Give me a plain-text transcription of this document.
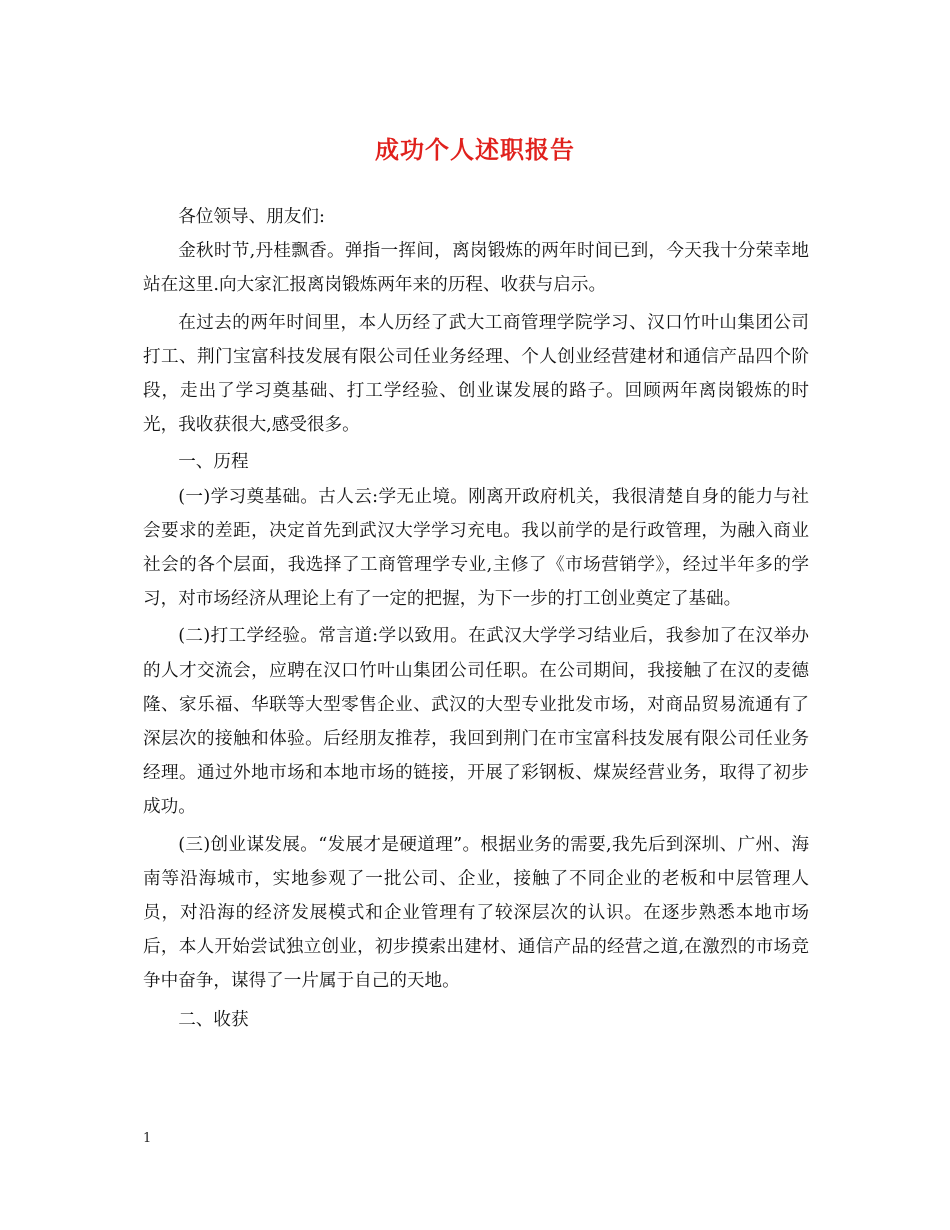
成功个人述职报告

各位领导、朋友们:

金秋时节,丹桂飘香。弹指一挥间，离岗锻炼的两年时间已到，今天我十分荣幸地站在这里.向大家汇报离岗锻炼两年来的历程、收获与启示。

在过去的两年时间里，本人历经了武大工商管理学院学习、汉口竹叶山集团公司打工、荆门宝富科技发展有限公司任业务经理、个人创业经营建材和通信产品四个阶段，走出了学习奠基础、打工学经验、创业谋发展的路子。回顾两年离岗锻炼的时光，我收获很大,感受很多。

一、历程

(一)学习奠基础。古人云:学无止境。刚离开政府机关，我很清楚自身的能力与社会要求的差距，决定首先到武汉大学学习充电。我以前学的是行政管理，为融入商业社会的各个层面，我选择了工商管理学专业,主修了《市场营销学》，经过半年多的学习，对市场经济从理论上有了一定的把握，为下一步的打工创业奠定了基础。

(二)打工学经验。常言道:学以致用。在武汉大学学习结业后，我参加了在汉举办的人才交流会，应聘在汉口竹叶山集团公司任职。在公司期间，我接触了在汉的麦德隆、家乐福、华联等大型零售企业、武汉的大型专业批发市场，对商品贸易流通有了深层次的接触和体验。后经朋友推荐，我回到荆门在市宝富科技发展有限公司任业务经理。通过外地市场和本地市场的链接，开展了彩钢板、煤炭经营业务，取得了初步成功。

(三)创业谋发展。“发展才是硬道理”。根据业务的需要,我先后到深圳、广州、海南等沿海城市，实地参观了一批公司、企业，接触了不同企业的老板和中层管理人员，对沿海的经济发展模式和企业管理有了较深层次的认识。在逐步熟悉本地市场后，本人开始尝试独立创业，初步摸索出建材、通信产品的经营之道,在激烈的市场竞争中奋争，谋得了一片属于自己的天地。

二、收获

1
